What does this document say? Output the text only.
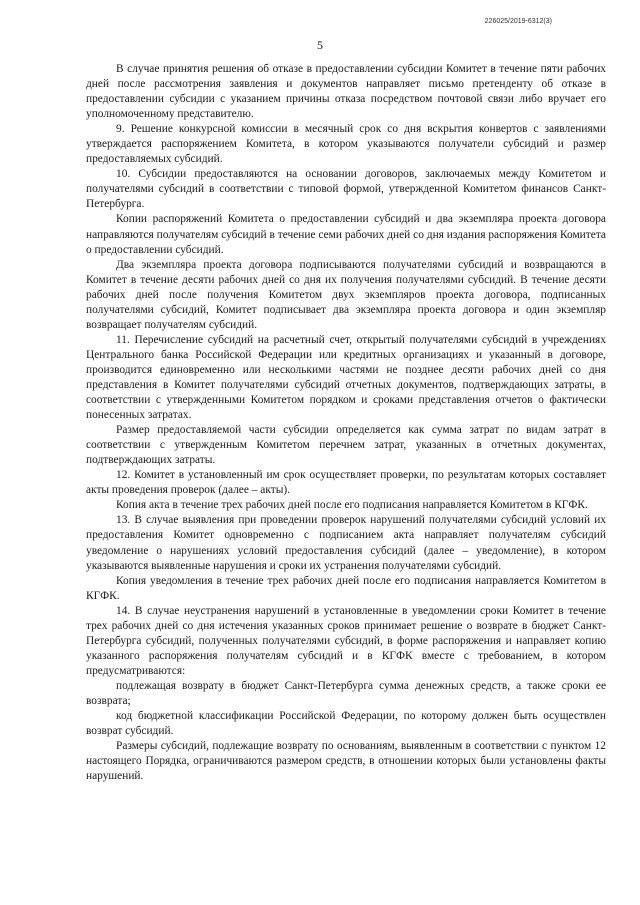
226025/2019-6312(3)
5

В случае принятия решения об отказе в предоставлении субсидии Комитет в течение пяти рабочих дней после рассмотрения заявления и документов направляет письмо претенденту об отказе в предоставлении субсидии с указанием причины отказа посредством почтовой связи либо вручает его уполномоченному представителю.

9. Решение конкурсной комиссии в месячный срок со дня вскрытия конвертов с заявлениями утверждается распоряжением Комитета, в котором указываются получатели субсидий и размер предоставляемых субсидий.

10. Субсидии предоставляются на основании договоров, заключаемых между Комитетом и получателями субсидий в соответствии с типовой формой, утвержденной Комитетом финансов Санкт-Петербурга.

Копии распоряжений Комитета о предоставлении субсидий и два экземпляра проекта договора направляются получателям субсидий в течение семи рабочих дней со дня издания распоряжения Комитета о предоставлении субсидий.

Два экземпляра проекта договора подписываются получателями субсидий и возвращаются в Комитет в течение десяти рабочих дней со дня их получения получателями субсидий. В течение десяти рабочих дней после получения Комитетом двух экземпляров проекта договора, подписанных получателями субсидий, Комитет подписывает два экземпляра проекта договора и один экземпляр возвращает получателям субсидий.

11. Перечисление субсидий на расчетный счет, открытый получателями субсидий в учреждениях Центрального банка Российской Федерации или кредитных организациях и указанный в договоре, производится единовременно или несколькими частями не позднее десяти рабочих дней со дня представления в Комитет получателями субсидий отчетных документов, подтверждающих затраты, в соответствии с утвержденными Комитетом порядком и сроками представления отчетов о фактически понесенных затратах.

Размер предоставляемой части субсидии определяется как сумма затрат по видам затрат в соответствии с утвержденным Комитетом перечнем затрат, указанных в отчетных документах, подтверждающих затраты.

12. Комитет в установленный им срок осуществляет проверки, по результатам которых составляет акты проведения проверок (далее – акты).

Копия акта в течение трех рабочих дней после его подписания направляется Комитетом в КГФК.

13. В случае выявления при проведении проверок нарушений получателями субсидий условий их предоставления Комитет одновременно с подписанием акта направляет получателям субсидий уведомление о нарушениях условий предоставления субсидий (далее – уведомление), в котором указываются выявленные нарушения и сроки их устранения получателями субсидий.

Копия уведомления в течение трех рабочих дней после его подписания направляется Комитетом в КГФК.

14. В случае неустранения нарушений в установленные в уведомлении сроки Комитет в течение трех рабочих дней со дня истечения указанных сроков принимает решение о возврате в бюджет Санкт-Петербурга субсидий, полученных получателями субсидий, в форме распоряжения и направляет копию указанного распоряжения получателям субсидий и в КГФК вместе с требованием, в котором предусматриваются:

подлежащая возврату в бюджет Санкт-Петербурга сумма денежных средств, а также сроки ее возврата;

код бюджетной классификации Российской Федерации, по которому должен быть осуществлен возврат субсидий.

Размеры субсидий, подлежащие возврату по основаниям, выявленным в соответствии с пунктом 12 настоящего Порядка, ограничиваются размером средств, в отношении которых были установлены факты нарушений.
